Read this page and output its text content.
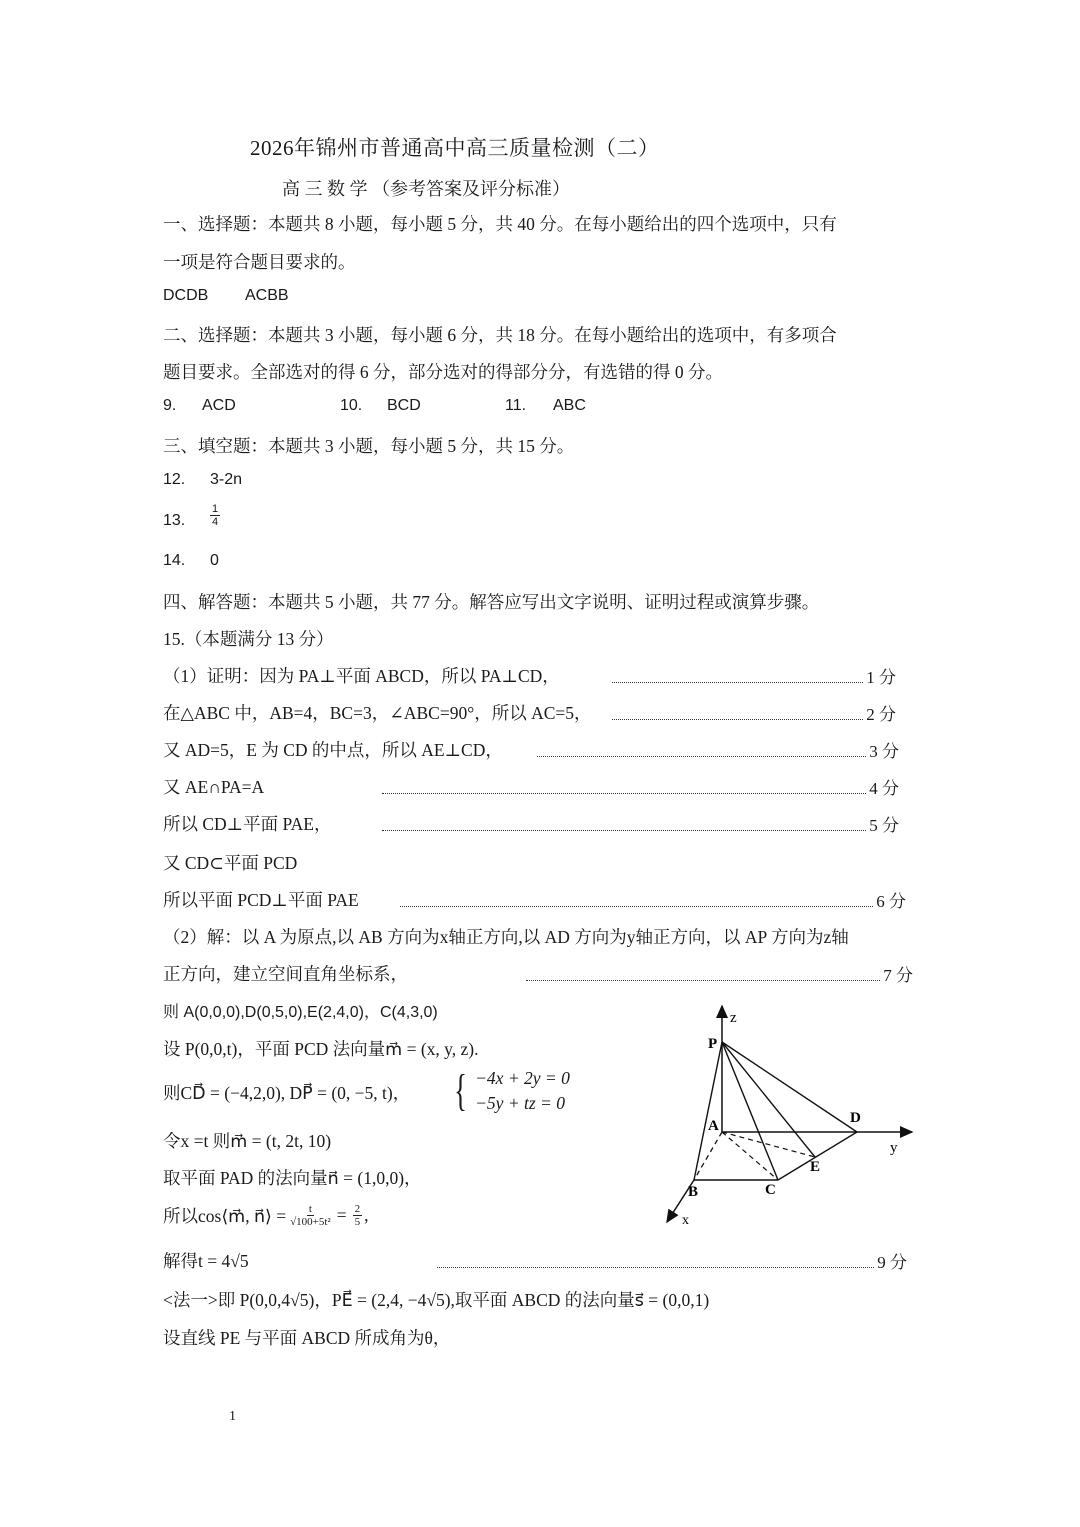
2026年锦州市普通高中高三质量检测（二）
高 三 数 学 （参考答案及评分标准）
一、选择题：本题共 8 小题，每小题 5 分，共 40 分。在每小题给出的四个选项中，只有
一项是符合题目要求的。
DCDB ACBB
二、选择题：本题共 3 小题，每小题 6 分，共 18 分。在每小题给出的选项中，有多项合
题目要求。全部选对的得 6 分，部分选对的得部分分，有选错的得 0 分。
9. ACD	10. BCD	11. ABC
三、填空题：本题共 3 小题，每小题 5 分，共 15 分。
12. 3-2n
13. $\frac{1}{4}$
14. 0
四、解答题：本题共 5 小题，共 77 分。解答应写出文字说明、证明过程或演算步骤。
15.（本题满分 13 分）
（1）证明：因为 PA⊥平面 ABCD，所以 PA⊥CD，	1 分
在△ABC 中，AB=4，BC=3，∠ABC=90°，所以 AC=5，	2 分
又 AD=5，E 为 CD 的中点，所以 AE⊥CD，	3 分
又 AE∩PA=A	4 分
所以 CD⊥平面 PAE，	5 分
又 CD⊂平面 PCD
所以平面 PCD⊥平面 PAE	6 分
（2）解：以 A 为原点,以 AB 方向为x轴正方向,以 AD 方向为y轴正方向，以 AP 方向为z轴
正方向，建立空间直角坐标系，	7 分
则 A(0,0,0),D(0,5,0),E(2,4,0)，C(4,3,0)
设 P(0,0,t)，平面 PCD 法向量m⃗ = (x, y, z).
则CD⃗ = (−4,2,0), DP⃗ = (0, −5, t)， { −4x + 2y = 0
−5y + tz = 0
令x =t 则m⃗ = (t, 2t, 10)
取平面 PAD 的法向量n⃗ = (1,0,0)，
所以cos⟨m⃗, n⃗⟩ = $\frac{t}{\text{√100+5t²}} = \frac{2}{5}$ ,
解得t = 4√5	9 分
<法一>即 P(0,0,4√5)，PE⃗ = (2,4, −4√5),取平面 ABCD 的法向量s⃗ = (0,0,1)
设直线 PE 与平面 ABCD 所成角为θ，
z
y
x
P
A	D
E
B	C
1
